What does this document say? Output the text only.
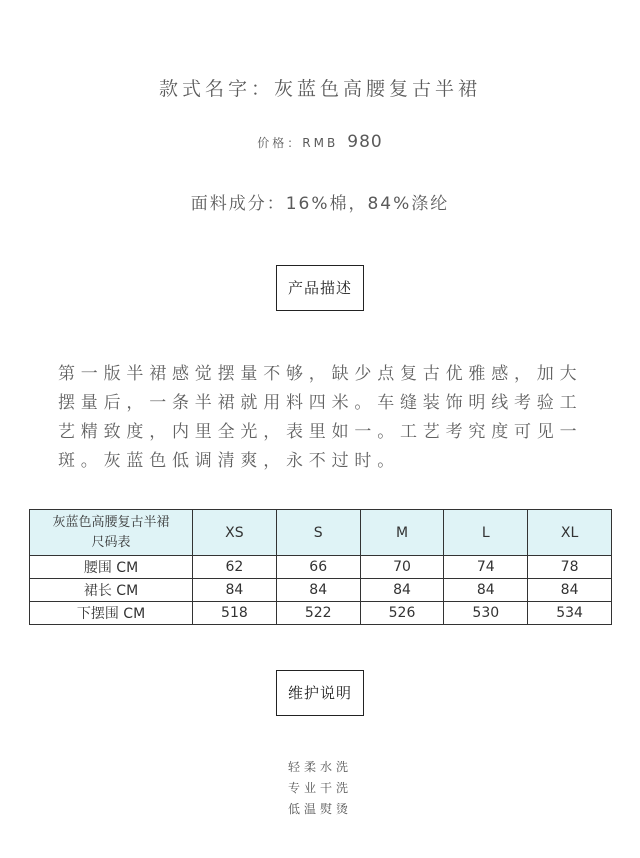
款式名字：灰蓝色高腰复古半裙
价格：RMB 980
面料成分：16%棉，84%涤纶
产品描述
第一版半裙感觉摆量不够，缺少点复古优雅感，加大摆量后，一条半裙就用料四米。车缝装饰明线考验工艺精致度，内里全光，表里如一。工艺考究度可见一斑。灰蓝色低调清爽，永不过时。
灰蓝色高腰复古半裙
尺码表	XS	S	M	L	XL
腰围 CM	62	66	70	74	78
裙长 CM	84	84	84	84	84
下摆围 CM	518	522	526	530	534
维护说明
轻柔水洗
专业干洗
低温熨烫
